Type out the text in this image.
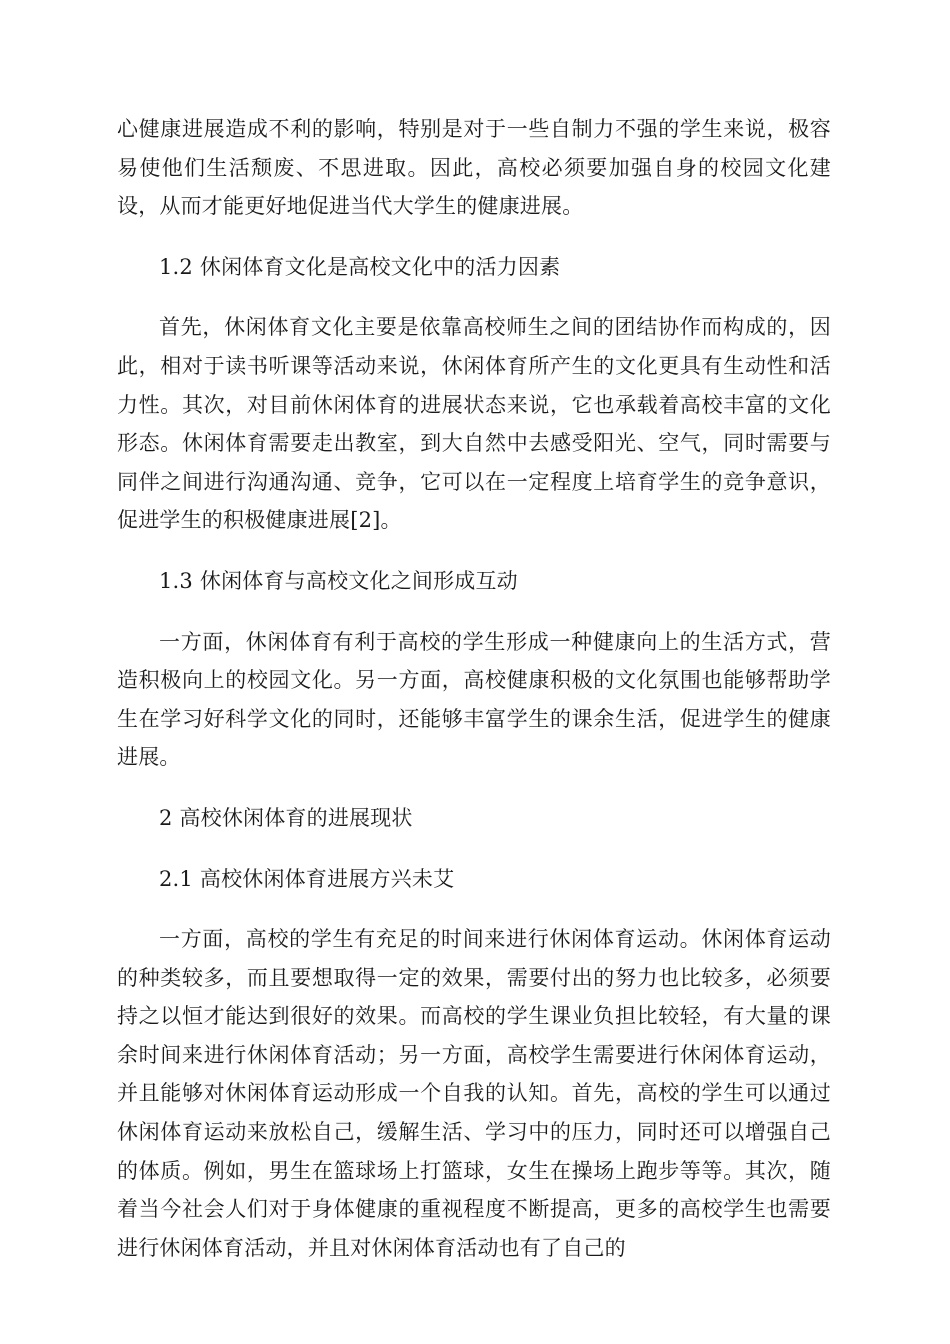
心健康进展造成不利的影响，特别是对于一些自制力不强的学生来说，极容易使他们生活颓废、不思进取。因此，高校必须要加强自身的校园文化建设，从而才能更好地促进当代大学生的健康进展。

1.2 休闲体育文化是高校文化中的活力因素

首先，休闲体育文化主要是依靠高校师生之间的团结协作而构成的，因此，相对于读书听课等活动来说，休闲体育所产生的文化更具有生动性和活力性。其次，对目前休闲体育的进展状态来说，它也承载着高校丰富的文化形态。休闲体育需要走出教室，到大自然中去感受阳光、空气，同时需要与同伴之间进行沟通沟通、竞争，它可以在一定程度上培育学生的竞争意识，促进学生的积极健康进展[2]。

1.3 休闲体育与高校文化之间形成互动

一方面，休闲体育有利于高校的学生形成一种健康向上的生活方式，营造积极向上的校园文化。另一方面，高校健康积极的文化氛围也能够帮助学生在学习好科学文化的同时，还能够丰富学生的课余生活，促进学生的健康进展。

2 高校休闲体育的进展现状

2.1 高校休闲体育进展方兴未艾

一方面，高校的学生有充足的时间来进行休闲体育运动。休闲体育运动的种类较多，而且要想取得一定的效果，需要付出的努力也比较多，必须要持之以恒才能达到很好的效果。而高校的学生课业负担比较轻，有大量的课余时间来进行休闲体育活动；另一方面，高校学生需要进行休闲体育运动，并且能够对休闲体育运动形成一个自我的认知。首先，高校的学生可以通过休闲体育运动来放松自己，缓解生活、学习中的压力，同时还可以增强自己的体质。例如，男生在篮球场上打篮球，女生在操场上跑步等等。其次，随着当今社会人们对于身体健康的重视程度不断提高，更多的高校学生也需要进行休闲体育活动，并且对休闲体育活动也有了自己的
